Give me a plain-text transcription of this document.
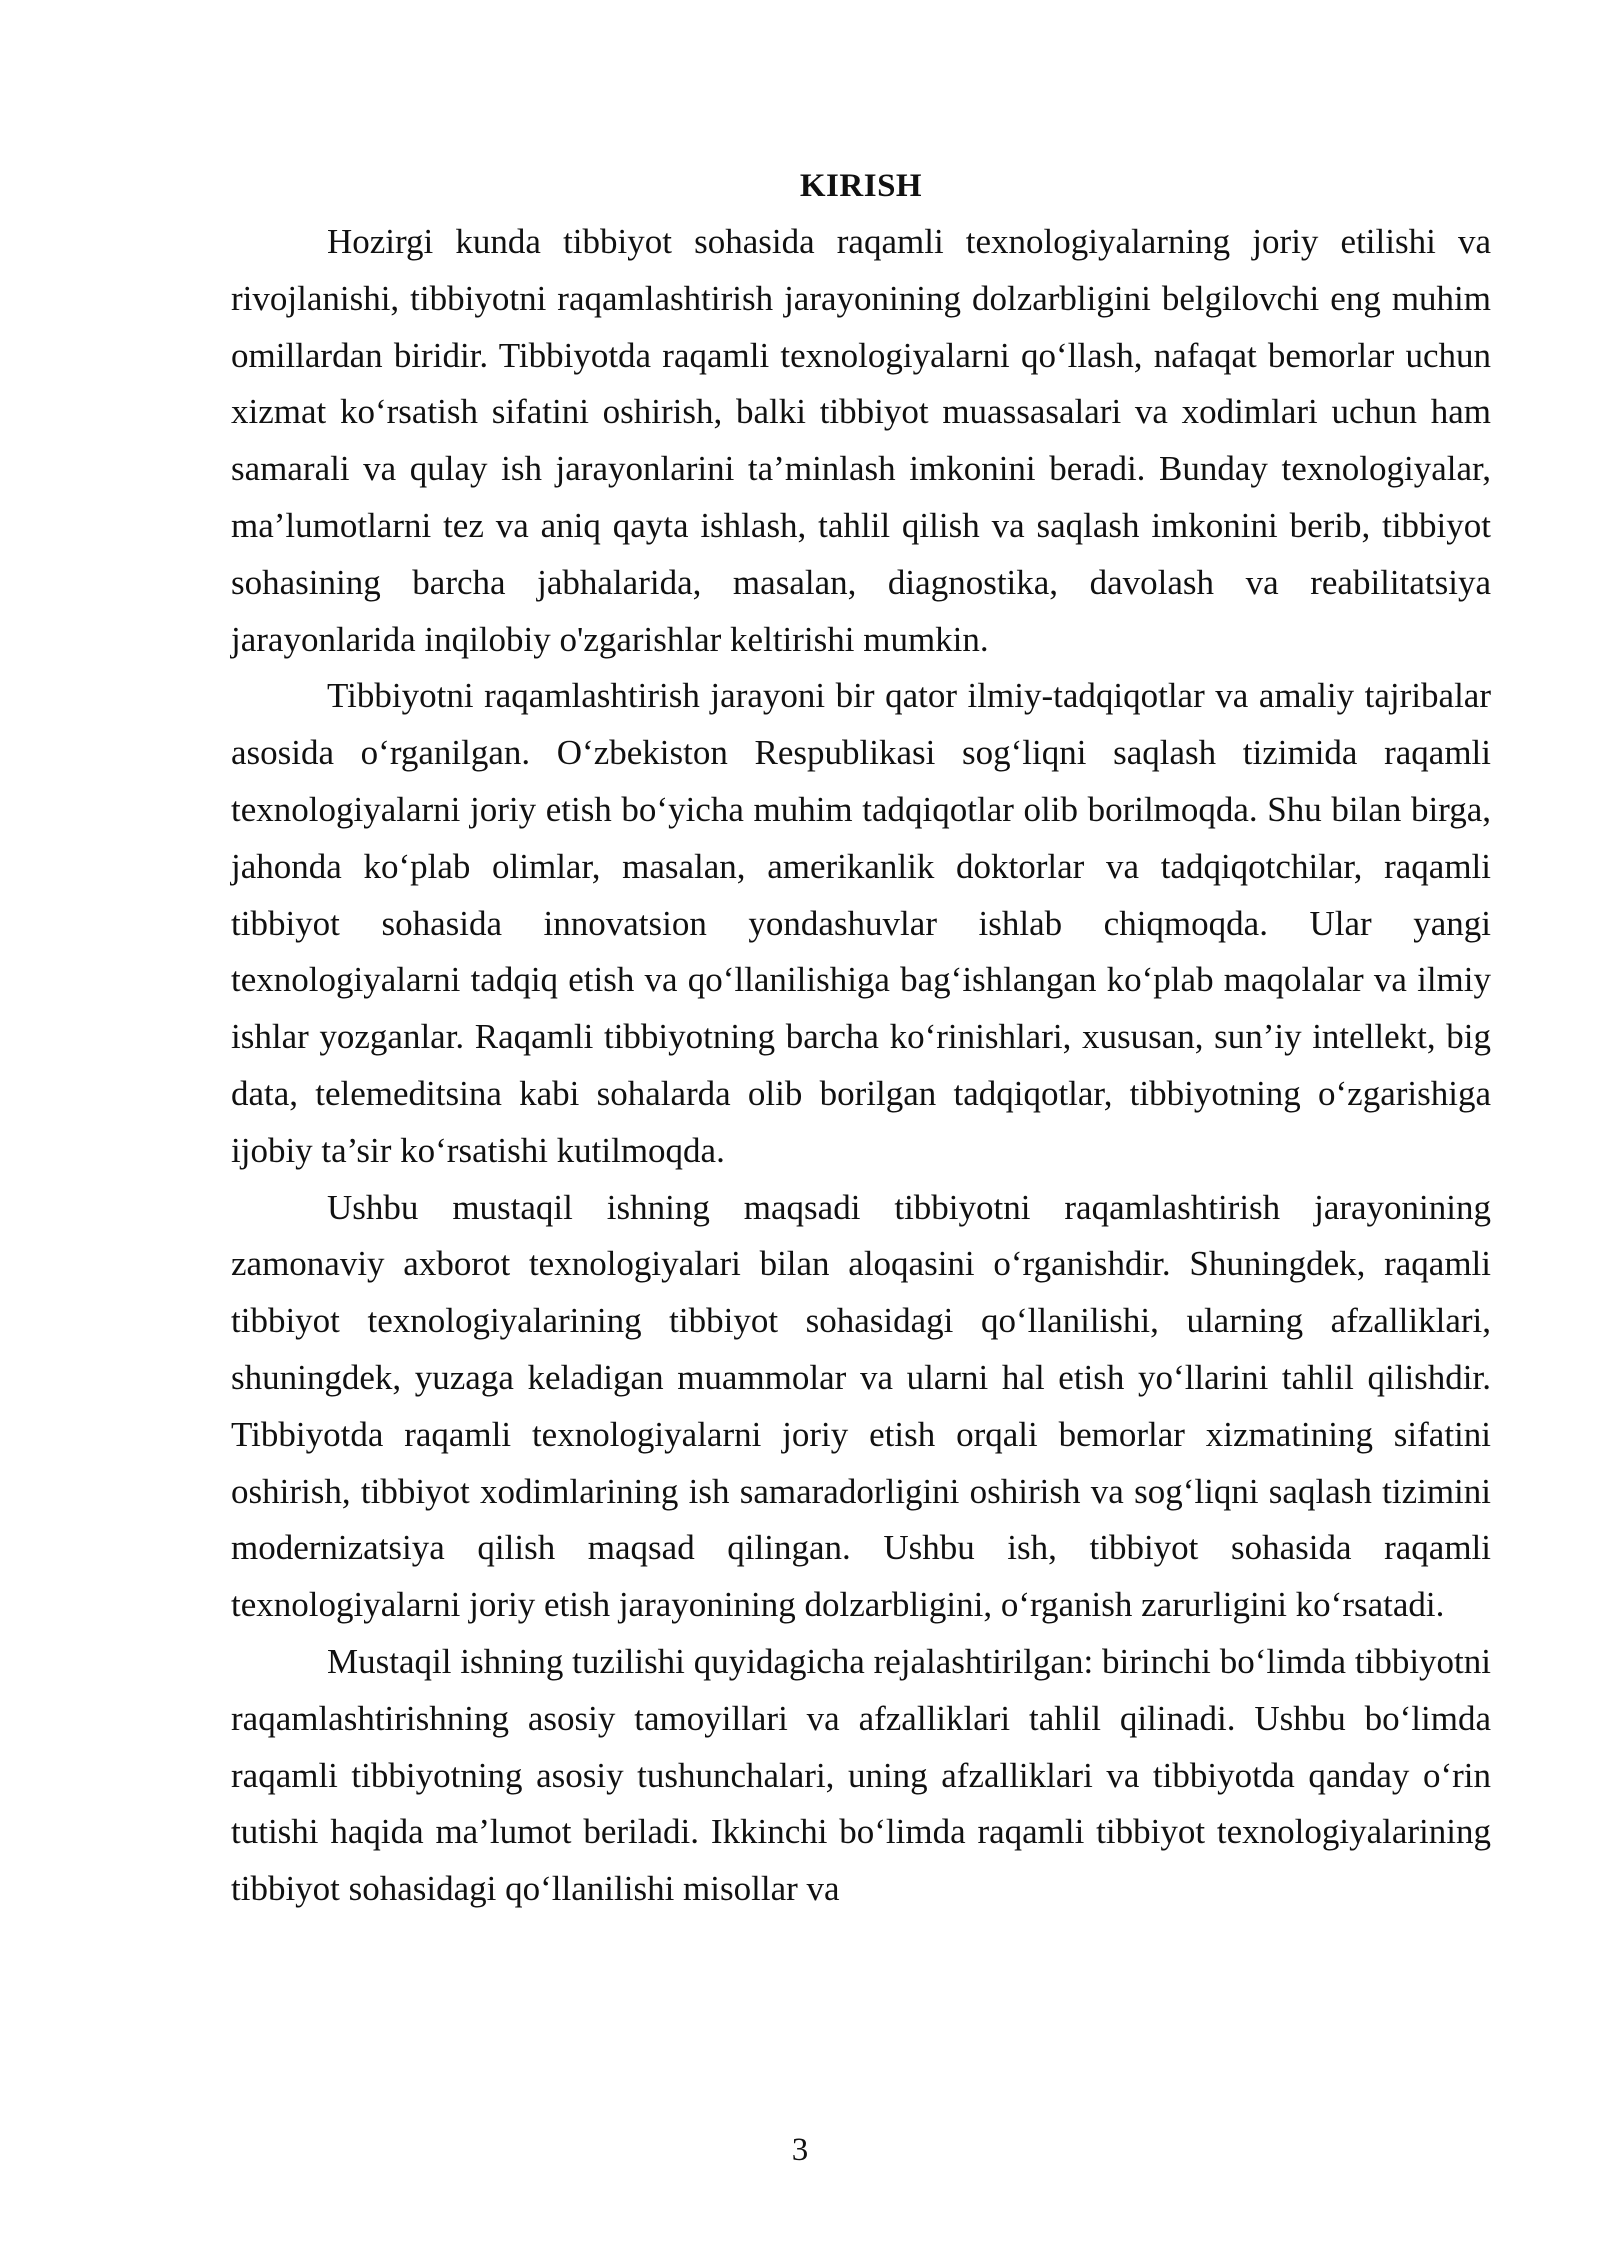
KIRISH

Hozirgi kunda tibbiyot sohasida raqamli texnologiyalarning joriy etilishi va rivojlanishi, tibbiyotni raqamlashtirish jarayonining dolzarbligini belgilovchi eng muhim omillardan biridir. Tibbiyotda raqamli texnologiyalarni qo‘llash, nafaqat bemorlar uchun xizmat ko‘rsatish sifatini oshirish, balki tibbiyot muassasalari va xodimlari uchun ham samarali va qulay ish jarayonlarini ta’minlash imkonini beradi. Bunday texnologiyalar, ma’lumotlarni tez va aniq qayta ishlash, tahlil qilish va saqlash imkonini berib, tibbiyot sohasining barcha jabhalarida, masalan, diagnostika, davolash va reabilitatsiya jarayonlarida inqilobiy o'zgarishlar keltirishi mumkin.

Tibbiyotni raqamlashtirish jarayoni bir qator ilmiy-tadqiqotlar va amaliy tajribalar asosida o‘rganilgan. O‘zbekiston Respublikasi sog‘liqni saqlash tizimida raqamli texnologiyalarni joriy etish bo‘yicha muhim tadqiqotlar olib borilmoqda. Shu bilan birga, jahonda ko‘plab olimlar, masalan, amerikanlik doktorlar va tadqiqotchilar, raqamli tibbiyot sohasida innovatsion yondashuvlar ishlab chiqmoqda. Ular yangi texnologiyalarni tadqiq etish va qo‘llanilishiga bag‘ishlangan ko‘plab maqolalar va ilmiy ishlar yozganlar. Raqamli tibbiyotning barcha ko‘rinishlari, xususan, sun’iy intellekt, big data, telemeditsina kabi sohalarda olib borilgan tadqiqotlar, tibbiyotning o‘zgarishiga ijobiy ta’sir ko‘rsatishi kutilmoqda.

Ushbu mustaqil ishning maqsadi tibbiyotni raqamlashtirish jarayonining zamonaviy axborot texnologiyalari bilan aloqasini o‘rganishdir. Shuningdek, raqamli tibbiyot texnologiyalarining tibbiyot sohasidagi qo‘llanilishi, ularning afzalliklari, shuningdek, yuzaga keladigan muammolar va ularni hal etish yo‘llarini tahlil qilishdir. Tibbiyotda raqamli texnologiyalarni joriy etish orqali bemorlar xizmatining sifatini oshirish, tibbiyot xodimlarining ish samaradorligini oshirish va sog‘liqni saqlash tizimini modernizatsiya qilish maqsad qilingan. Ushbu ish, tibbiyot sohasida raqamli texnologiyalarni joriy etish jarayonining dolzarbligini, o‘rganish zarurligini ko‘rsatadi.

Mustaqil ishning tuzilishi quyidagicha rejalashtirilgan: birinchi bo‘limda tibbiyotni raqamlashtirishning asosiy tamoyillari va afzalliklari tahlil qilinadi. Ushbu bo‘limda raqamli tibbiyotning asosiy tushunchalari, uning afzalliklari va tibbiyotda qanday o‘rin tutishi haqida ma’lumot beriladi. Ikkinchi bo‘limda raqamli tibbiyot texnologiyalarining tibbiyot sohasidagi qo‘llanilishi misollar va

3
